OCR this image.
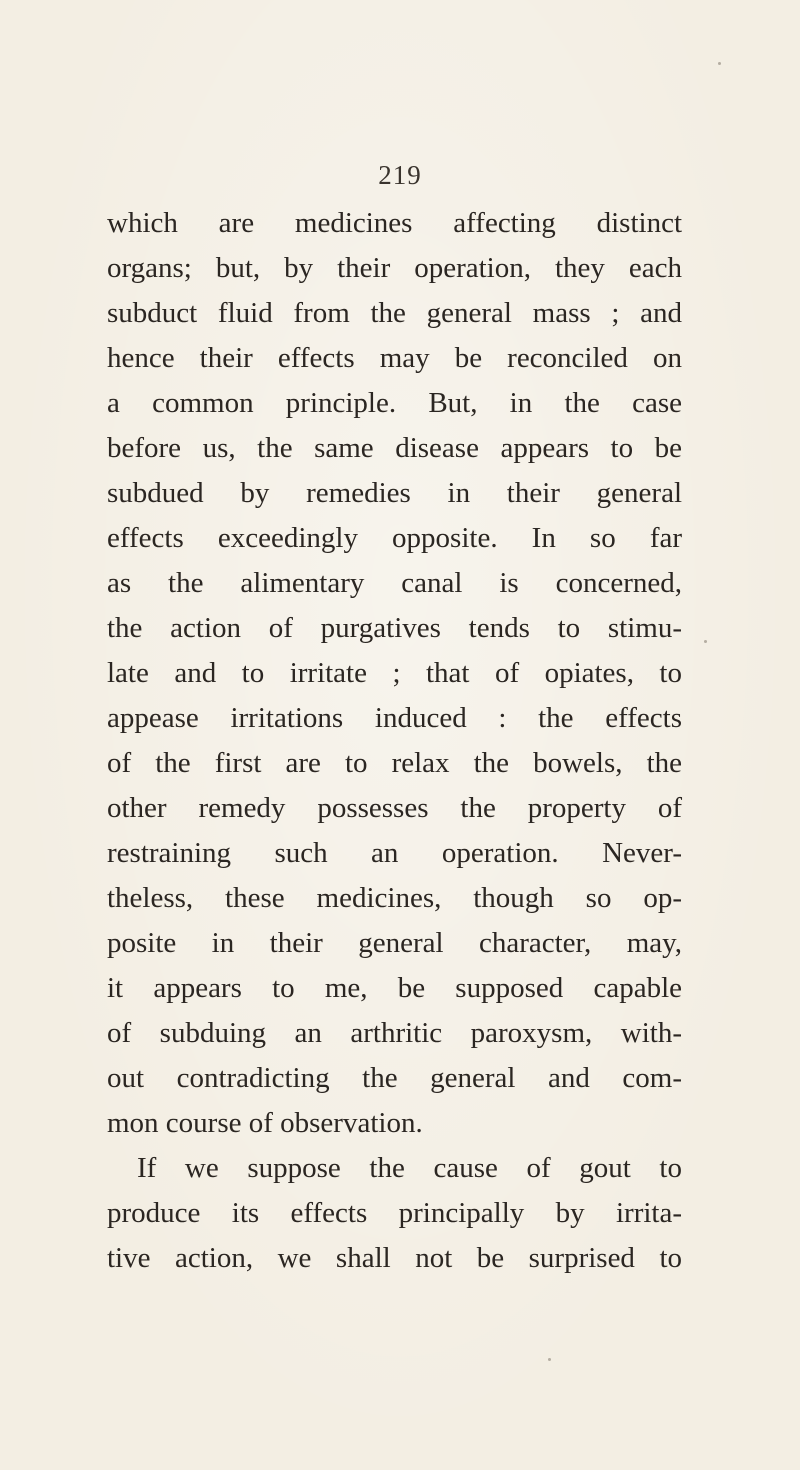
219
which are medicines affecting distinct
organs; but, by their operation, they each
subduct fluid from the general mass ; and
hence their effects may be reconciled on
a common principle. But, in the case
before us, the same disease appears to be
subdued by remedies in their general
effects exceedingly opposite. In so far
as the alimentary canal is concerned,
the action of purgatives tends to stimu-
late and to irritate ; that of opiates, to
appease irritations induced : the effects
of the first are to relax the bowels, the
other remedy possesses the property of
restraining such an operation. Never-
theless, these medicines, though so op-
posite in their general character, may,
it appears to me, be supposed capable
of subduing an arthritic paroxysm, with-
out contradicting the general and com-
mon course of observation.
If we suppose the cause of gout to
produce its effects principally by irrita-
tive action, we shall not be surprised to
